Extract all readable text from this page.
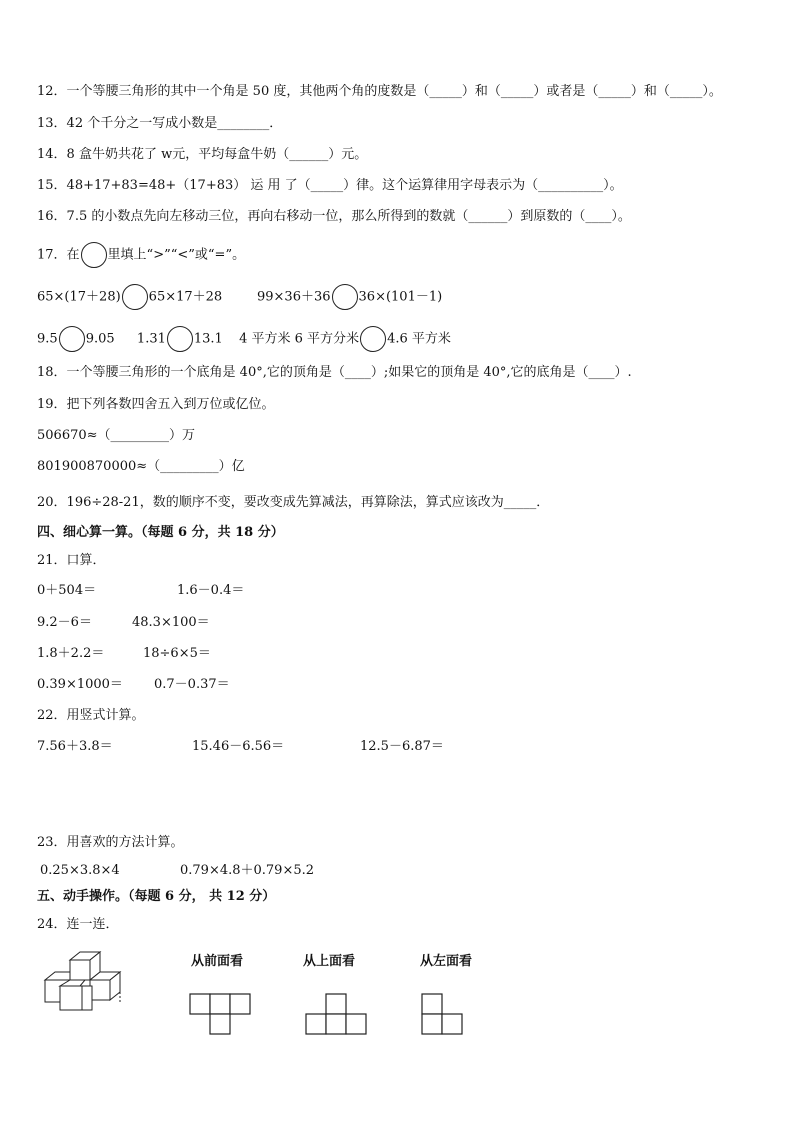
12．一个等腰三角形的其中一个角是 50 度，其他两个角的度数是（_____）和（_____）或者是（_____）和（_____）。
13．42 个千分之一写成小数是________．
14．8 盒牛奶共花了 w元，平均每盒牛奶（______）元。
15．48+17+83=48+（17+83） 运 用 了（_____）律。这个运算律用字母表示为（__________）。
16．7.5 的小数点先向左移动三位，再向右移动一位，那么所得到的数就（______）到原数的（____）。
17．在 里填上“>”“<”或“=”。
65×(17＋28) 65×17＋28	99×36＋36 36×(101－1)
9.5 9.05 1.31 13.1 4 平方米 6 平方分米 4.6 平方米
18．一个等腰三角形的一个底角是 40°,它的顶角是（____）;如果它的顶角是 40°,它的底角是（____）.
19．把下列各数四舍五入到万位或亿位。
506670≈（_________）万
801900870000≈（_________）亿
20．196÷28-21，数的顺序不变，要改变成先算减法，再算除法，算式应该改为_____．
四、细心算一算。（每题 6 分，共 18 分）
21．口算．
0＋504＝	1.6－0.4＝
9.2－6＝	48.3×100＝
1.8＋2.2＝	18÷6×5＝
0.39×1000＝ 0.7－0.37＝
22．用竖式计算。
7.56＋3.8＝	15.46－6.56＝	12.5－6.87＝
23．用喜欢的方法计算。
0.25×3.8×4	0.79×4.8＋0.79×5.2
五、动手操作。（每题 6 分， 共 12 分）
24．连一连．
从前面看	从上面看	从左面看
